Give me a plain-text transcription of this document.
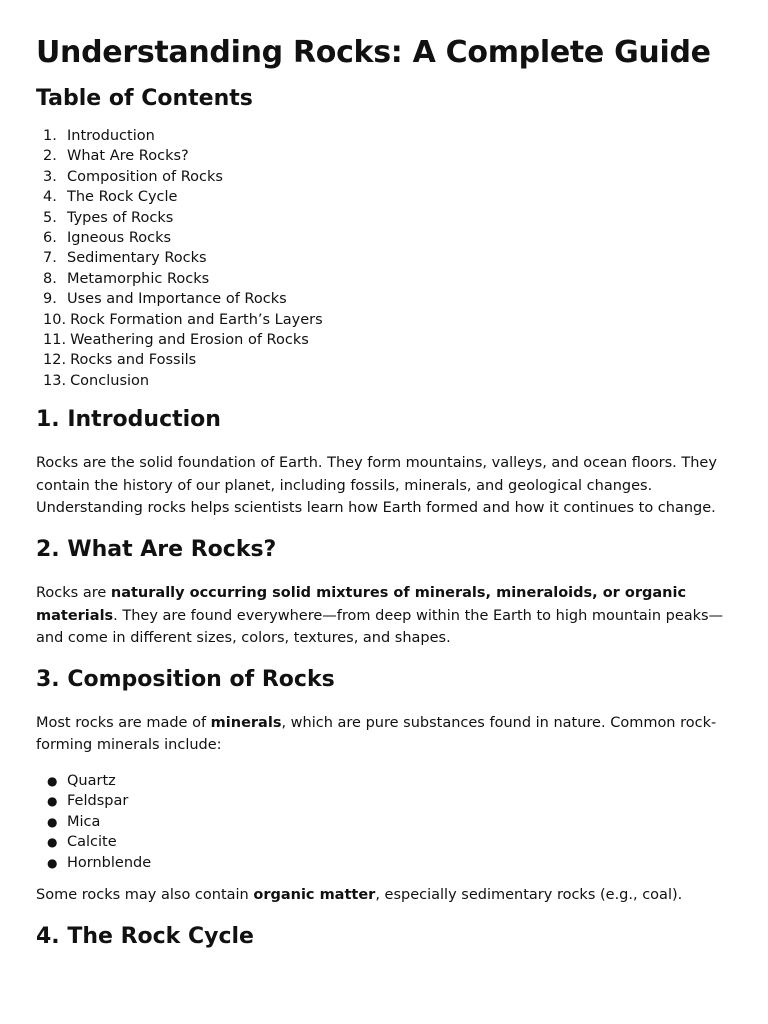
Understanding Rocks: A Complete Guide
Table of Contents
1. Introduction
2. What Are Rocks?
3. Composition of Rocks
4. The Rock Cycle
5. Types of Rocks
6. Igneous Rocks
7. Sedimentary Rocks
8. Metamorphic Rocks
9. Uses and Importance of Rocks
10. Rock Formation and Earth’s Layers
11. Weathering and Erosion of Rocks
12. Rocks and Fossils
13. Conclusion
1. Introduction

Rocks are the solid foundation of Earth. They form mountains, valleys, and ocean floors. They contain the history of our planet, including fossils, minerals, and geological changes. Understanding rocks helps scientists learn how Earth formed and how it continues to change.

2. What Are Rocks?

Rocks are naturally occurring solid mixtures of minerals, mineraloids, or organic materials. They are found everywhere—from deep within the Earth to high mountain peaks—and come in different sizes, colors, textures, and shapes.

3. Composition of Rocks

Most rocks are made of minerals, which are pure substances found in nature. Common rock-forming minerals include:

● Quartz
● Feldspar
● Mica
● Calcite
● Hornblende

Some rocks may also contain organic matter, especially sedimentary rocks (e.g., coal).

4. The Rock Cycle
